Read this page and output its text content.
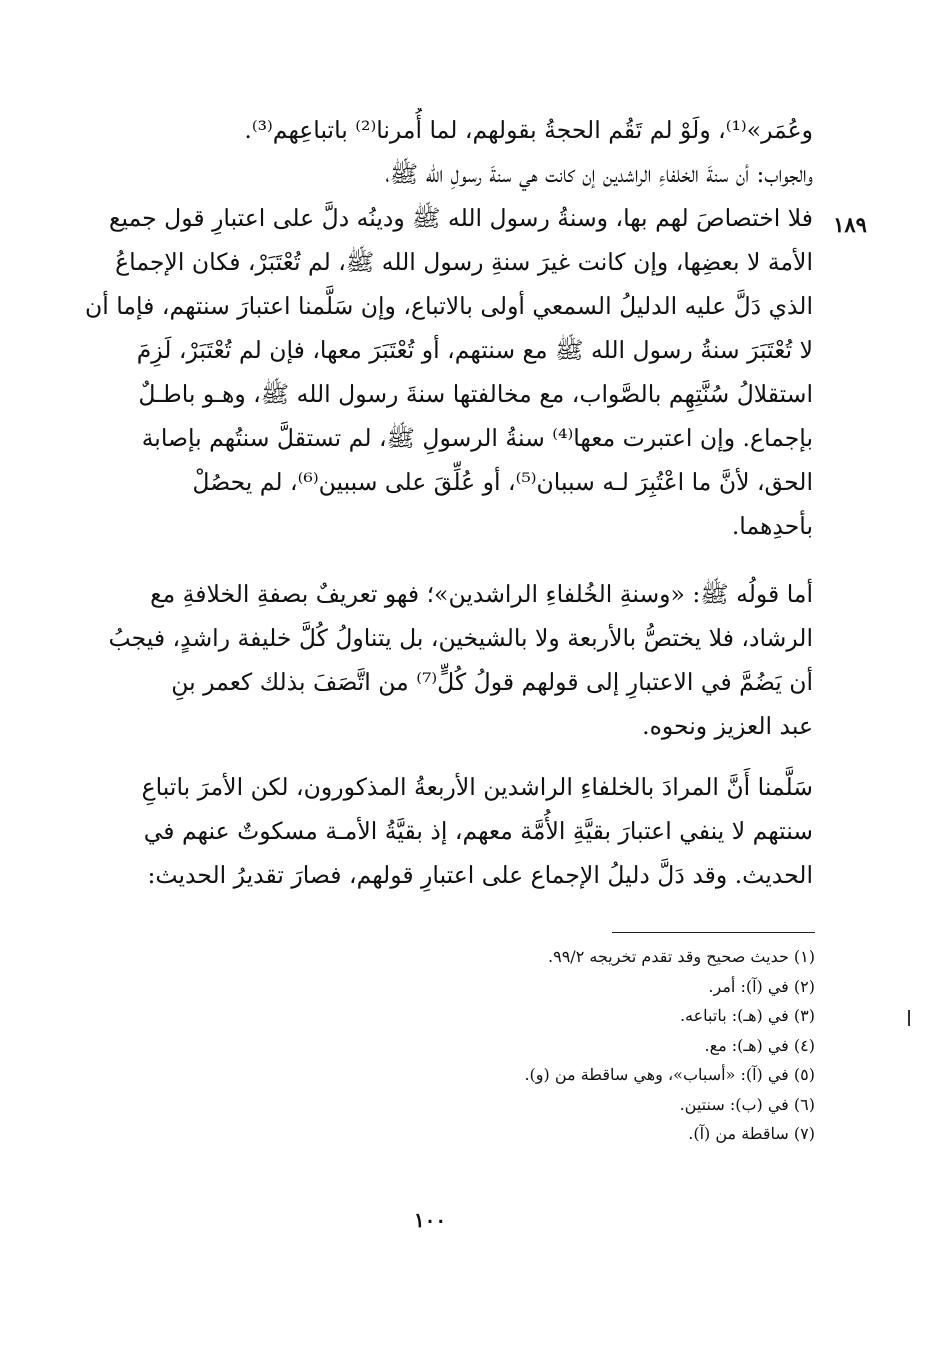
١٨٩
وعُمَر»⁽¹⁾، ولَوْ لم تَقُم الحجةُ بقولهم، لما أُمرنا⁽²⁾ باتباعِهم⁽³⁾.
والجواب: أن سنةَ الخلفاءِ الراشدين إن كانت هي سنةَ رسولِ الله ﷺ،
فلا اختصاصَ لهم بها، وسنةُ رسول الله ﷺ ودينُه دلَّ على اعتبارِ قول جميع
الأمة لا بعضِها، وإن كانت غيرَ سنةِ رسول الله ﷺ، لم تُعْتَبَرْ، فكان الإجماعُ
الذي دَلَّ عليه الدليلُ السمعي أولى بالاتباع، وإن سَلَّمنا اعتبارَ سنتهم، فإما أن
لا تُعْتَبَرَ سنةُ رسول الله ﷺ مع سنتهم، أو تُعْتَبَرَ معها، فإن لم تُعْتَبَرْ، لَزِمَ
استقلالُ سُنَّتِهِم بالصَّواب، مع مخالفتها سنةَ رسول الله ﷺ، وهـو باطـلٌ
بإجماع. وإن اعتبرت معها⁽⁴⁾ سنةُ الرسولِ ﷺ، لم تستقلَّ سنتُهم بإصابة
الحق، لأنَّ ما اعْتُبِرَ لـه سببان⁽⁵⁾، أو عُلِّقَ على سببين⁽⁶⁾، لم يحصُلْ
بأحدِهما.
أما قولُه ﷺ: «وسنةِ الخُلفاءِ الراشدين»؛ فهو تعريفٌ بصفةِ الخلافةِ مع
الرشاد، فلا يختصُّ بالأربعة ولا بالشيخين، بل يتناولُ كُلَّ خليفة راشدٍ، فيجبُ
أن يَضُمَّ في الاعتبارِ إلى قولهم قولُ كُلٍّ⁽⁷⁾ من اتَّصَفَ بذلك كعمر بنِ
عبد العزيز ونحوه.
سَلَّمنا أَنَّ المرادَ بالخلفاءِ الراشدين الأربعةُ المذكورون، لكن الأمرَ باتباعِ
سنتهم لا ينفي اعتبارَ بقيَّةِ الأُمَّة معهم، إذ بقيَّةُ الأمـة مسكوتٌ عنهم في
الحديث. وقد دَلَّ دليلُ الإجماع على اعتبارِ قولهم، فصارَ تقديرُ الحديث:
(١) حديث صحيح وقد تقدم تخريجه ٩٩/٢.
(٢) في (آ): أمر.
(٣) في (هـ): باتباعه.
(٤) في (هـ): مع.
(٥) في (آ): «أسباب»، وهي ساقطة من (و).
(٦) في (ب): سنتين.
(٧) ساقطة من (آ).
١٠٠
